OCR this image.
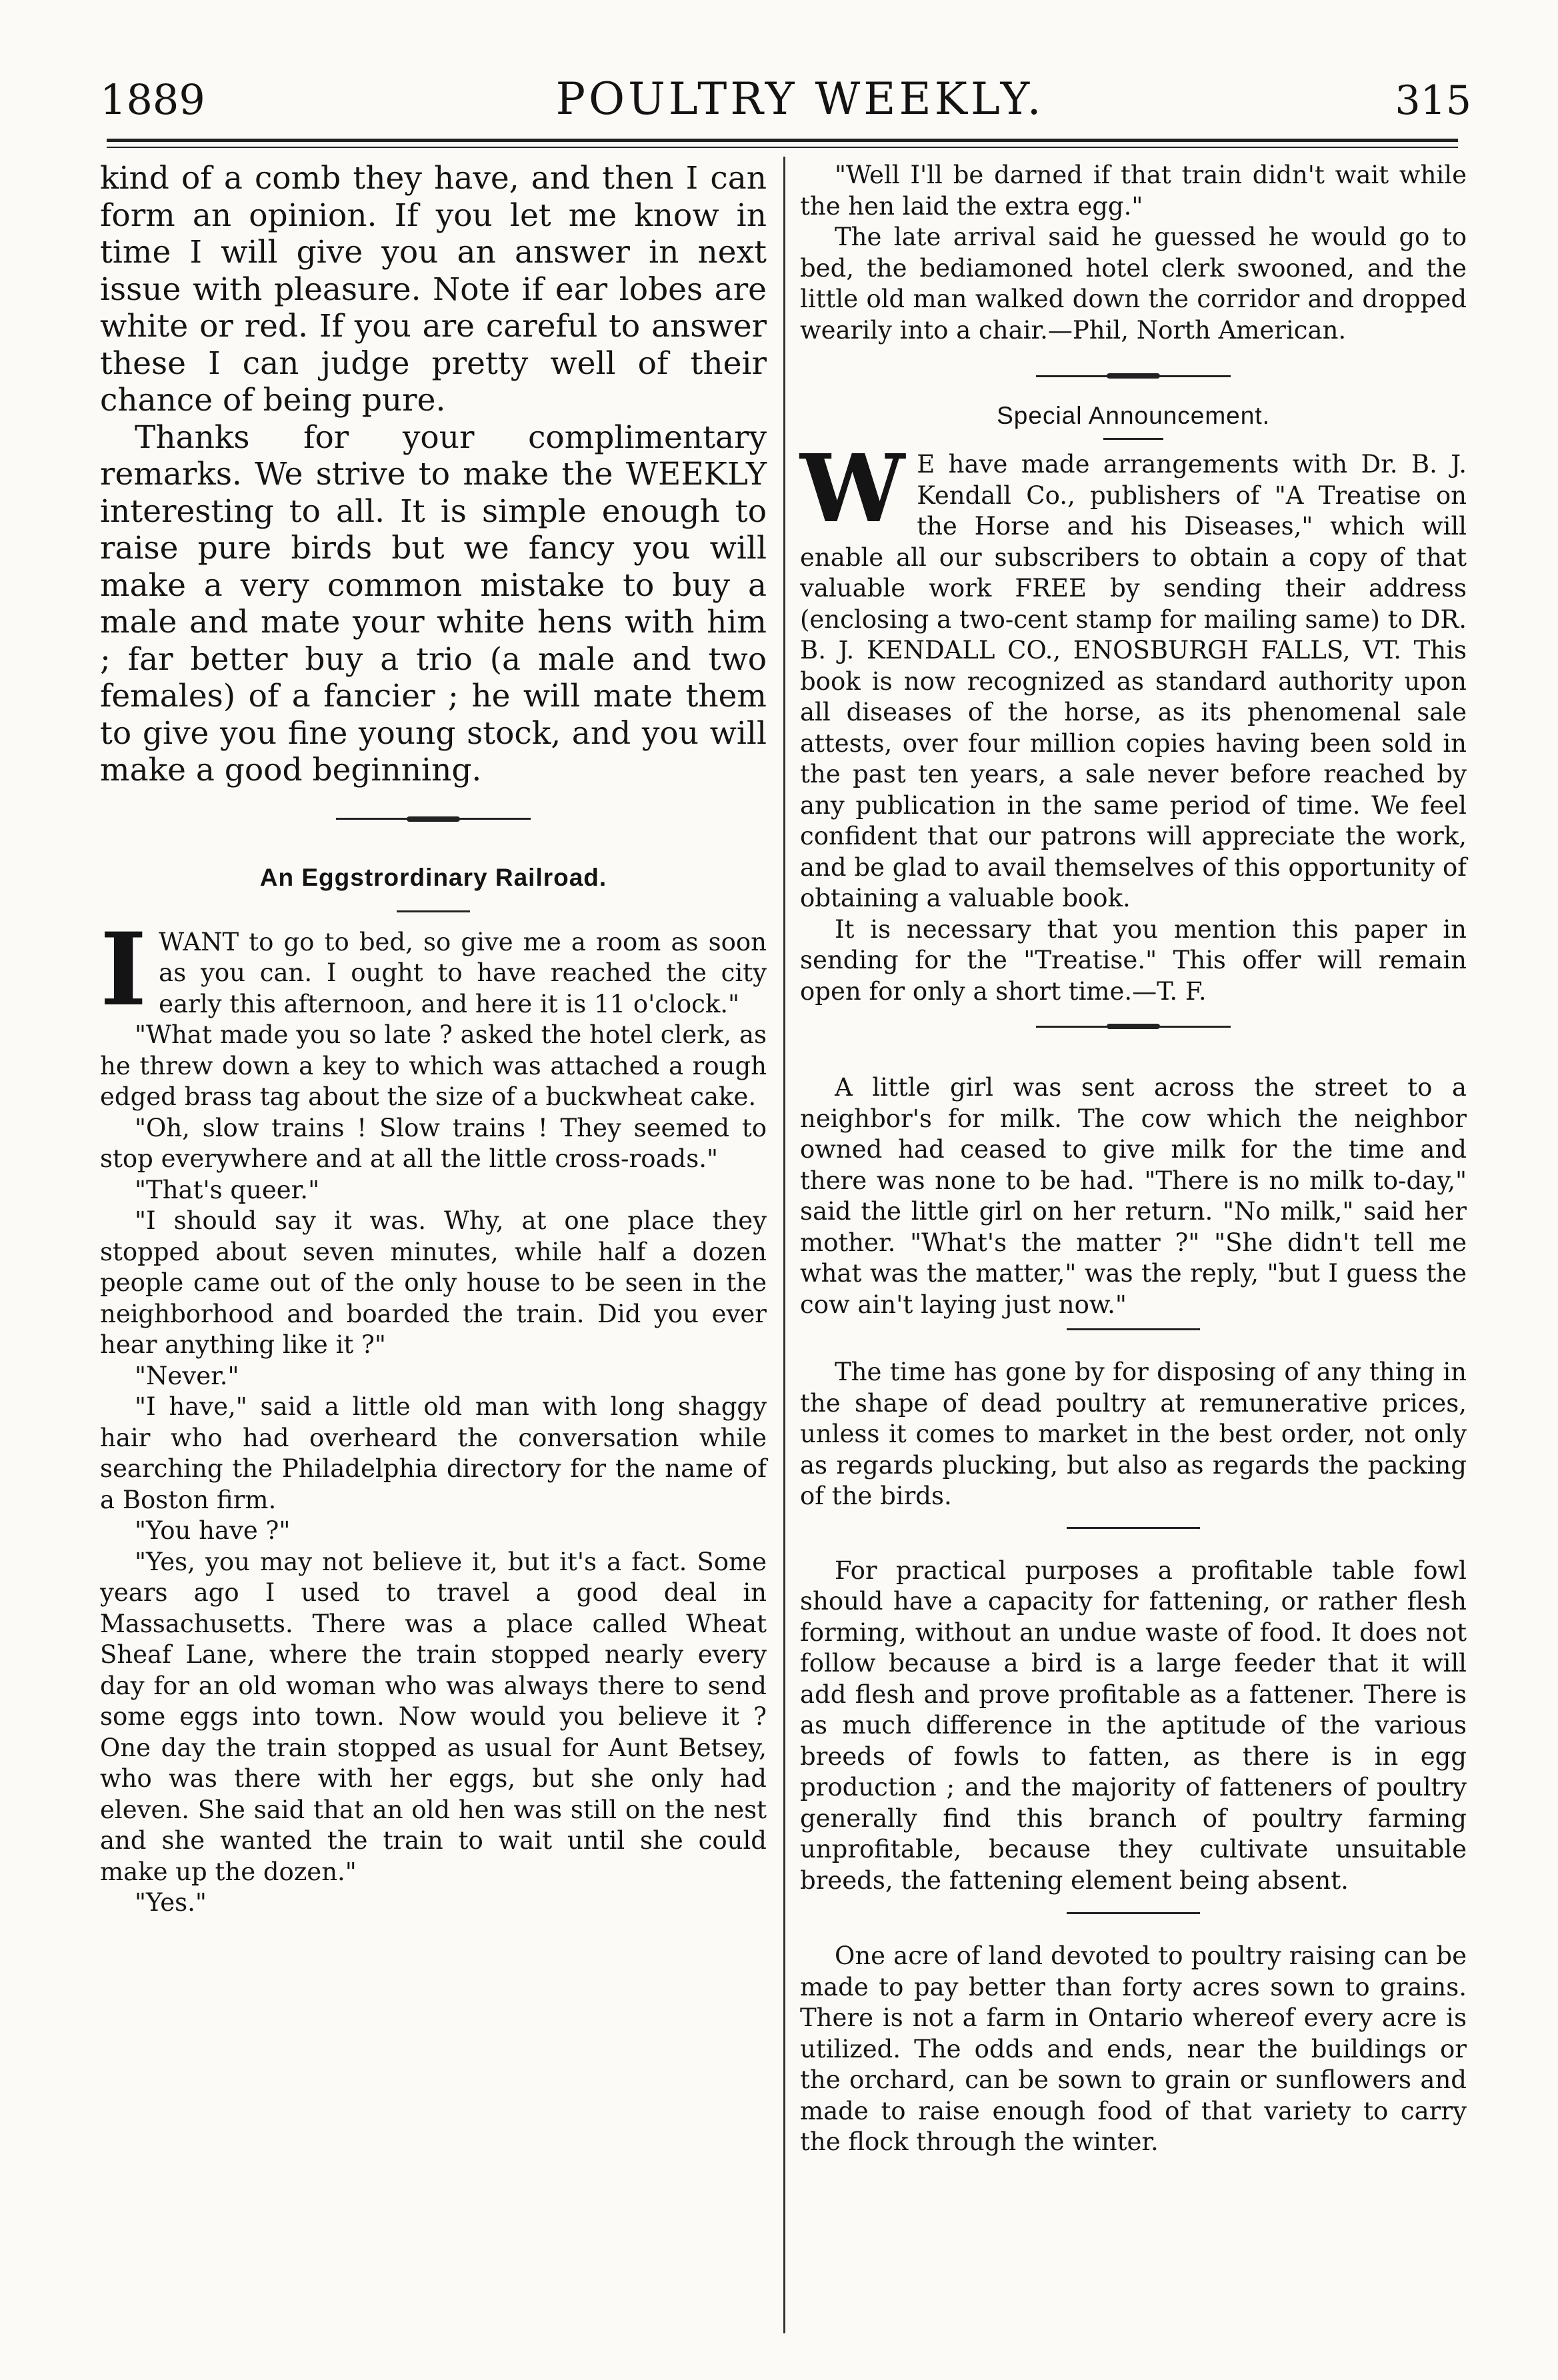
1889	POULTRY WEEKLY.	315

kind of a comb they have, and then I can form an opinion. If you let me know in time I will give you an answer in next issue with pleasure. Note if ear lobes are white or red. If you are careful to answer these I can judge pretty well of their chance of being pure.

Thanks for your complimentary remarks. We strive to make the WEEKLY interesting to all. It is simple enough to raise pure birds but we fancy you will make a very common mistake to buy a male and mate your white hens with him ; far better buy a trio (a male and two females) of a fancier ; he will mate them to give you fine young stock, and you will make a good beginning.

An Eggstrordinary Railroad.

IWANT to go to bed, so give me a room as soon as you can. I ought to have reached the city early this afternoon, and here it is 11 o'clock."

"What made you so late ? asked the hotel clerk, as he threw down a key to which was attached a rough edged brass tag about the size of a buckwheat cake.

"Oh, slow trains ! Slow trains ! They seemed to stop everywhere and at all the little cross-roads."

"That's queer."

"I should say it was. Why, at one place they stopped about seven minutes, while half a dozen people came out of the only house to be seen in the neighborhood and boarded the train. Did you ever hear anything like it ?"

"Never."

"I have," said a little old man with long shaggy hair who had overheard the conversation while searching the Philadelphia directory for the name of a Boston firm.

"You have ?"

"Yes, you may not believe it, but it's a fact. Some years ago I used to travel a good deal in Massachusetts. There was a place called Wheat Sheaf Lane, where the train stopped nearly every day for an old woman who was always there to send some eggs into town. Now would you believe it ? One day the train stopped as usual for Aunt Betsey, who was there with her eggs, but she only had eleven. She said that an old hen was still on the nest and she wanted the train to wait until she could make up the dozen."

"Yes."

"Well I'll be darned if that train didn't wait while the hen laid the extra egg."

The late arrival said he guessed he would go to bed, the bediamoned hotel clerk swooned, and the little old man walked down the corridor and dropped wearily into a chair.—Phil, North American.

Special Announcement.

W E have made arrangements with Dr. B. J. Kendall Co., publishers of "A Treatise on the Horse and his Diseases," which will enable all our subscribers to obtain a copy of that valuable work FREE by sending their address (enclosing a two-cent stamp for mailing same) to DR. B. J. KENDALL CO., ENOSBURGH FALLS, VT. This book is now recognized as standard authority upon all diseases of the horse, as its phenomenal sale attests, over four million copies having been sold in the past ten years, a sale never before reached by any publication in the same period of time. We feel confident that our patrons will appreciate the work, and be glad to avail themselves of this opportunity of obtaining a valuable book.

It is necessary that you mention this paper in sending for the "Treatise." This offer will remain open for only a short time.—T. F.

A little girl was sent across the street to a neighbor's for milk. The cow which the neighbor owned had ceased to give milk for the time and there was none to be had. "There is no milk to-day," said the little girl on her return. "No milk," said her mother. "What's the matter ?" "She didn't tell me what was the matter," was the reply, "but I guess the cow ain't laying just now."

The time has gone by for disposing of any thing in the shape of dead poultry at remunerative prices, unless it comes to market in the best order, not only as regards plucking, but also as regards the packing of the birds.

For practical purposes a profitable table fowl should have a capacity for fattening, or rather flesh forming, without an undue waste of food. It does not follow because a bird is a large feeder that it will add flesh and prove profitable as a fattener. There is as much difference in the aptitude of the various breeds of fowls to fatten, as there is in egg production ; and the majority of fatteners of poultry generally find this branch of poultry farming unprofitable, because they cultivate unsuitable breeds, the fattening element being absent.

One acre of land devoted to poultry raising can be made to pay better than forty acres sown to grains. There is not a farm in Ontario whereof every acre is utilized. The odds and ends, near the buildings or the orchard, can be sown to grain or sunflowers and made to raise enough food of that variety to carry the flock through the winter.
